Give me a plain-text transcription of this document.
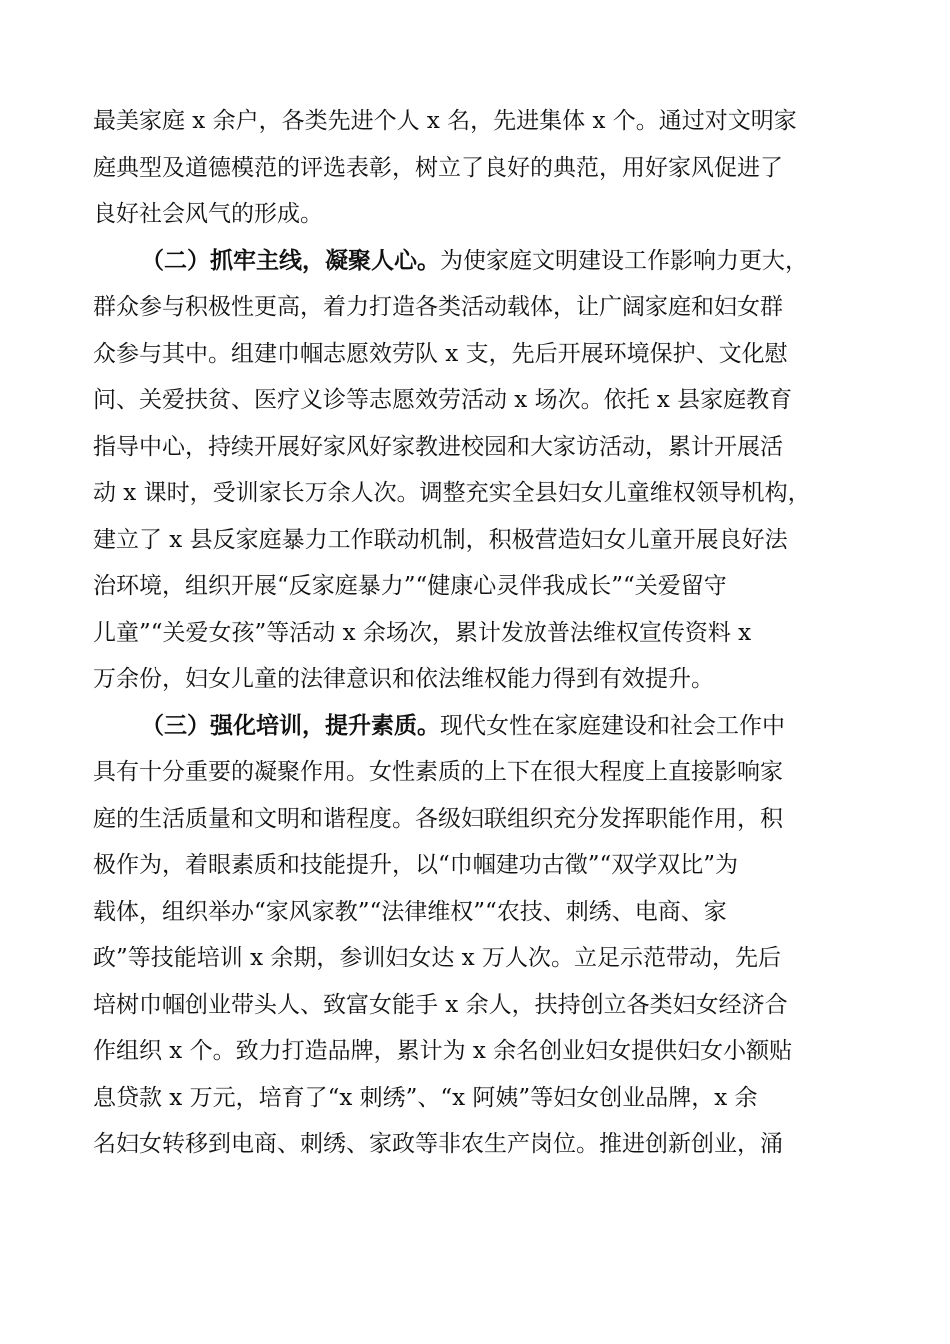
最美家庭 x 余户，各类先进个人 x 名，先进集体 x 个。通过对文明家
庭典型及道德模范的评选表彰，树立了良好的典范，用好家风促进了
良好社会风气的形成。
（二）抓牢主线，凝聚人心。为使家庭文明建设工作影响力更大，
群众参与积极性更高，着力打造各类活动载体，让广阔家庭和妇女群
众参与其中。组建巾帼志愿效劳队 x 支，先后开展环境保护、文化慰
问、关爱扶贫、医疗义诊等志愿效劳活动 x 场次。依托 x 县家庭教育
指导中心，持续开展好家风好家教进校园和大家访活动，累计开展活
动 x 课时，受训家长万余人次。调整充实全县妇女儿童维权领导机构，
建立了 x 县反家庭暴力工作联动机制，积极营造妇女儿童开展良好法
治环境，组织开展“反家庭暴力”“健康心灵伴我成长”“关爱留守
儿童”“关爱女孩”等活动 x 余场次，累计发放普法维权宣传资料 x
万余份，妇女儿童的法律意识和依法维权能力得到有效提升。
（三）强化培训，提升素质。现代女性在家庭建设和社会工作中
具有十分重要的凝聚作用。女性素质的上下在很大程度上直接影响家
庭的生活质量和文明和谐程度。各级妇联组织充分发挥职能作用，积
极作为，着眼素质和技能提升，以“巾帼建功古徵”“双学双比”为
载体，组织举办“家风家教”“法律维权”“农技、刺绣、电商、家
政”等技能培训 x 余期，参训妇女达 x 万人次。立足示范带动，先后
培树巾帼创业带头人、致富女能手 x 余人，扶持创立各类妇女经济合
作组织 x 个。致力打造品牌，累计为 x 余名创业妇女提供妇女小额贴
息贷款 x 万元，培育了“x 刺绣”、“x 阿姨”等妇女创业品牌，x 余
名妇女转移到电商、刺绣、家政等非农生产岗位。推进创新创业，涌
